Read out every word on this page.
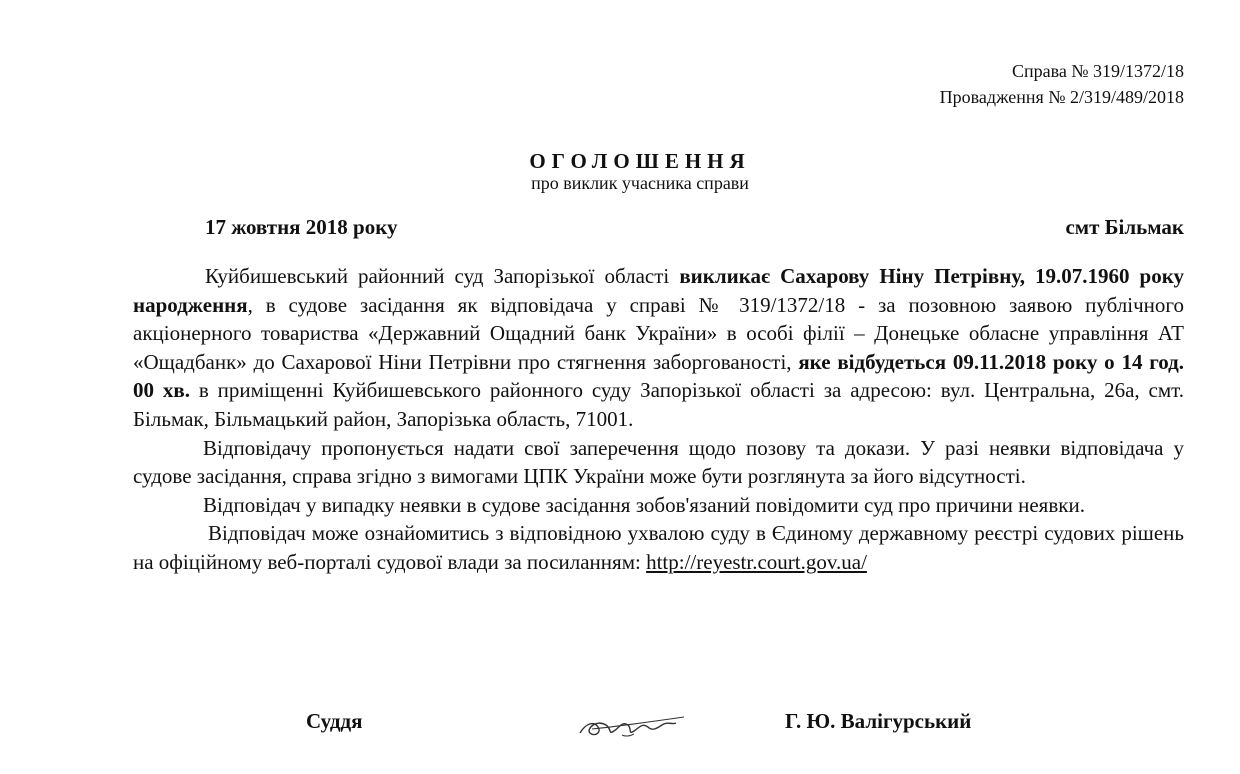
Справа № 319/1372/18
Провадження № 2/319/489/2018
ОГОЛОШЕННЯ
про виклик учасника справи
17 жовтня 2018 року	смт Більмак

Куйбишевський районний суд Запорізької області викликає Сахарову Ніну Петрівну, 19.07.1960 року народження, в судове засідання як відповідача у справі № 319/1372/18 - за позовною заявою публічного акціонерного товариства «Державний Ощадний банк України» в особі філії – Донецьке обласне управління АТ «Ощадбанк» до Сахарової Ніни Петрівни про стягнення заборгованості, яке відбудеться 09.11.2018 року о 14 год. 00 хв. в приміщенні Куйбишевського районного суду Запорізької області за адресою: вул. Центральна, 26а, смт. Більмак, Більмацький район, Запорізька область, 71001.

Відповідачу пропонується надати свої заперечення щодо позову та докази. У разі неявки відповідача у судове засідання, справа згідно з вимогами ЦПК України може бути розглянута за його відсутності.

Відповідач у випадку неявки в судове засідання зобов'язаний повідомити суд про причини неявки.

Відповідач може ознайомитись з відповідною ухвалою суду в Єдиному державному реєстрі судових рішень на офіційному веб-порталі судової влади за посиланням: http://reyestr.court.gov.ua/

Суддя	Г. Ю. Валігурський
